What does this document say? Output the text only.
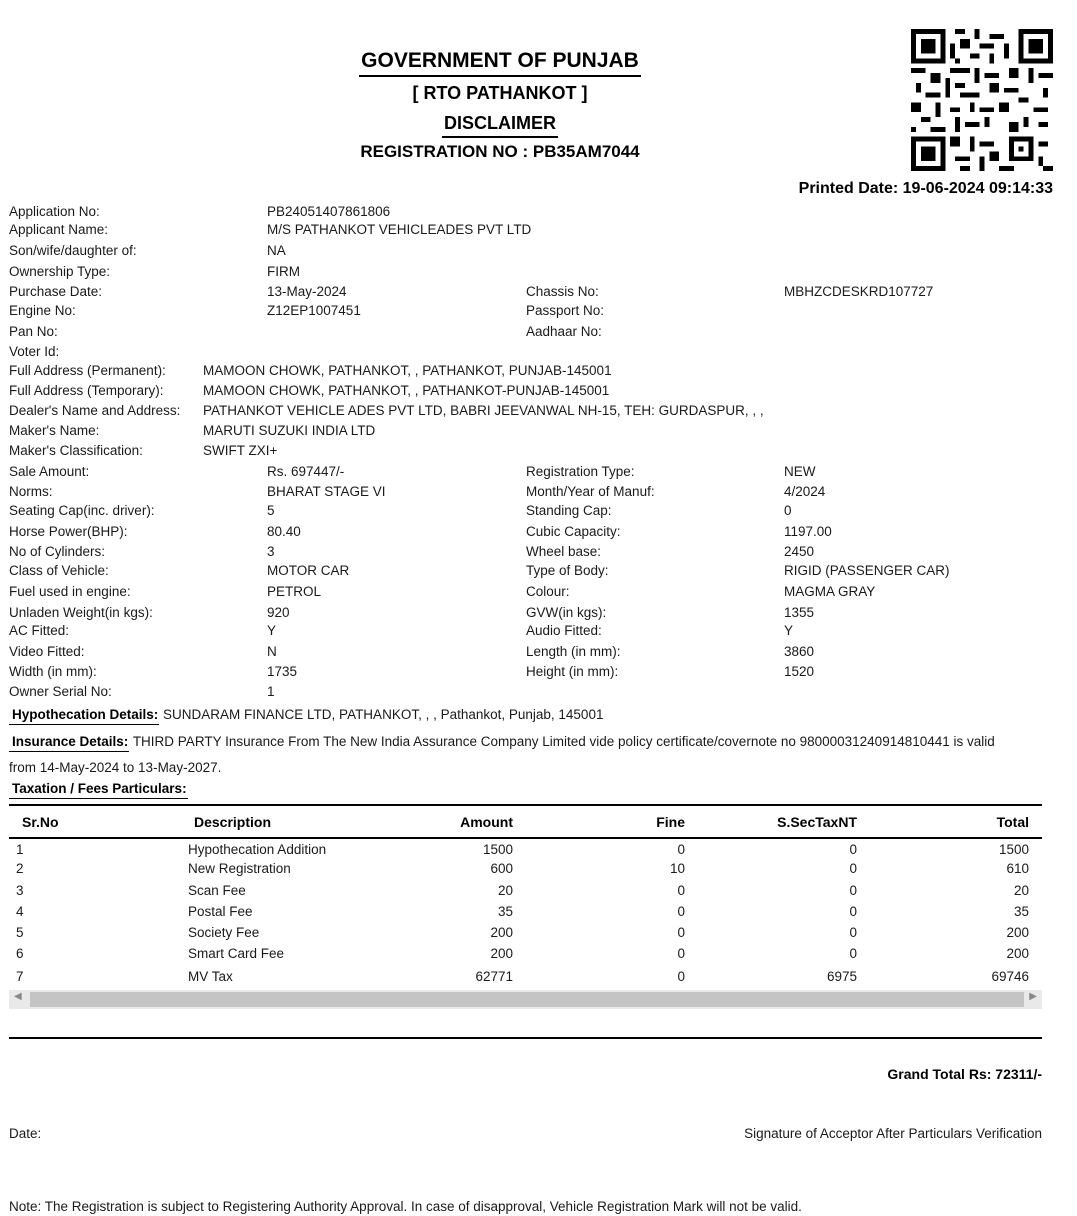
GOVERNMENT OF PUNJAB
[ RTO PATHANKOT ]
DISCLAIMER
REGISTRATION NO : PB35AM7044
Printed Date: 19-06-2024 09:14:33
Application No:	PB24051407861806
Applicant Name:	M/S PATHANKOT VEHICLEADES PVT LTD
Son/wife/daughter of:	NA
Ownership Type:	FIRM
Purchase Date:	13-May-2024	Chassis No:	MBHZCDESKRD107727
Engine No:	Z12EP1007451	Passport No:
Pan No:	Aadhaar No:
Voter Id:
Full Address (Permanent):	MAMOON CHOWK, PATHANKOT, , PATHANKOT, PUNJAB-145001
Full Address (Temporary):	MAMOON CHOWK, PATHANKOT, , PATHANKOT-PUNJAB-145001
Dealer's Name and Address: PATHANKOT VEHICLE ADES PVT LTD, BABRI JEEVANWAL NH-15, TEH: GURDASPUR, , ,
Maker's Name:	MARUTI SUZUKI INDIA LTD
Maker's Classification:	SWIFT ZXI+
Sale Amount:	Rs. 697447/-	Registration Type:	NEW
Norms:	BHARAT STAGE VI	Month/Year of Manuf:	4/2024
Seating Cap(inc. driver):	5	Standing Cap:	0
Horse Power(BHP):	80.40	Cubic Capacity:	1197.00
No of Cylinders:	3	Wheel base:	2450
Class of Vehicle:	MOTOR CAR	Type of Body:	RIGID (PASSENGER CAR)
Fuel used in engine:	PETROL	Colour:	MAGMA GRAY
Unladen Weight(in kgs):	920	GVW(in kgs):	1355
AC Fitted:	Y	Audio Fitted:	Y
Video Fitted:	N	Length (in mm):	3860
Width (in mm):	1735	Height (in mm):	1520
Owner Serial No:	1
Hypothecation Details: SUNDARAM FINANCE LTD, PATHANKOT, , , Pathankot, Punjab, 145001
Insurance Details: THIRD PARTY Insurance From The New India Assurance Company Limited vide policy certificate/covernote no 98000031240914810441 is valid
from 14-May-2024 to 13-May-2027.
Taxation / Fees Particulars:
Sr.No	Description	Amount	Fine	S.SecTaxNT	Total
1	Hypothecation Addition	1500	0	0	1500
2	New Registration	600	10	0	610
3	Scan Fee	20	0	0	20
4	Postal Fee	35	0	0	35
5	Society Fee	200	0	0	200
6	Smart Card Fee	200	0	0	200
7	MV Tax	62771	0	6975	69746
◀	▶
Grand Total Rs: 72311/-
Date:	Signature of Acceptor After Particulars Verification
Note: The Registration is subject to Registering Authority Approval. In case of disapproval, Vehicle Registration Mark will not be valid.
